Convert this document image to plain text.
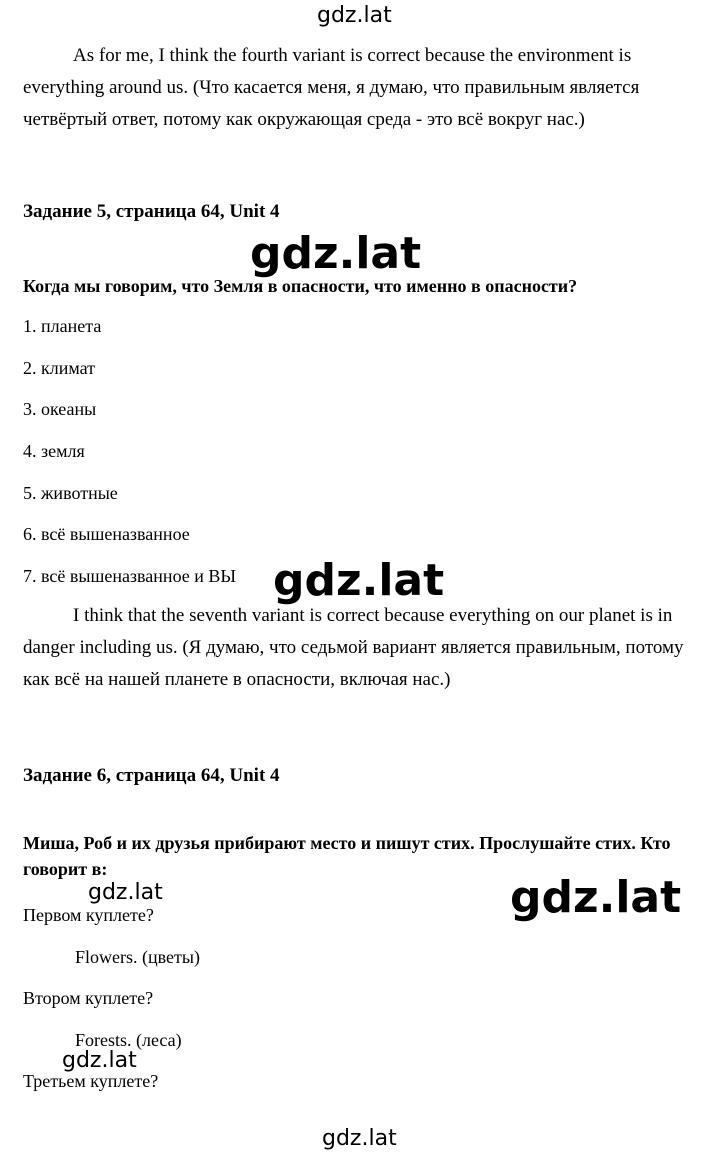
gdz.lat

As for me, I think the fourth variant is correct because the environment is everything around us. (Что касается меня, я думаю, что правильным является четвёртый ответ, потому как окружающая среда - это всё вокруг нас.)

Задание 5, страница 64, Unit 4
gdz.lat
Когда мы говорим, что Земля в опасности, что именно в опасности?
1. планета
2. климат
3. океаны
4. земля
5. животные
6. всё вышеназванное
7. всё вышеназванное и ВЫ gdz.lat

I think that the seventh variant is correct because everything on our planet is in danger including us. (Я думаю, что седьмой вариант является правильным, потому как всё на нашей планете в опасности, включая нас.)

Задание 6, страница 64, Unit 4
Миша, Роб и их друзья прибирают место и пишут стих. Прослушайте стих. Кто говорит в:
gdz.lat
gdz.lat
Первом куплете?
Flowers. (цветы)
Втором куплете?
Forests. (леса)
gdz.lat
Третьем куплете?
gdz.lat
